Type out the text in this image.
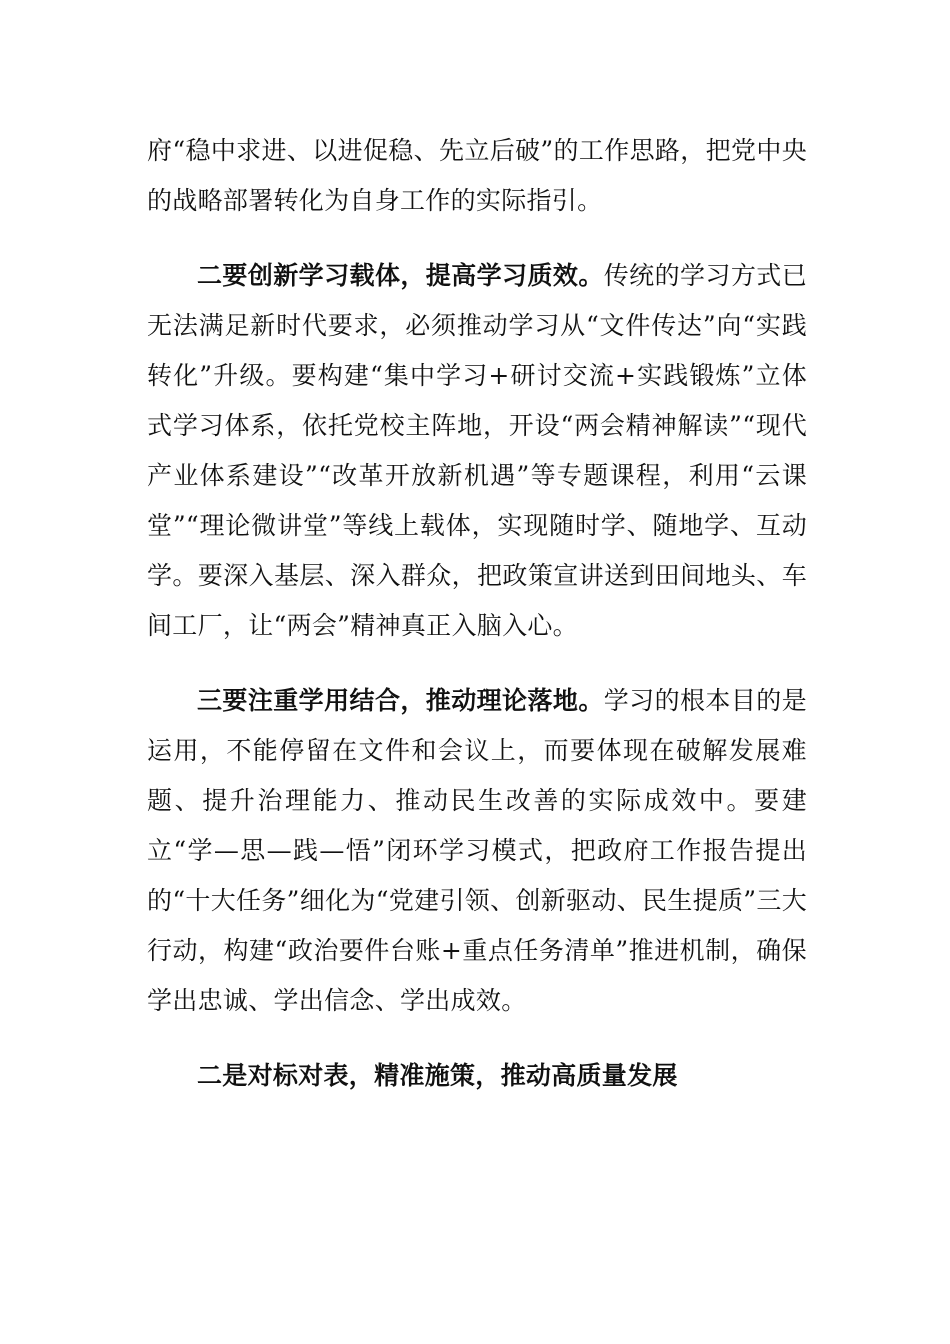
府“稳中求进、以进促稳、先立后破”的工作思路，把党中央的战略部署转化为自身工作的实际指引。

二要创新学习载体，提高学习质效。传统的学习方式已无法满足新时代要求，必须推动学习从“文件传达”向“实践转化”升级。要构建“集中学习+研讨交流+实践锻炼”立体式学习体系，依托党校主阵地，开设“两会精神解读”“现代产业体系建设”“改革开放新机遇”等专题课程，利用“云课堂”“理论微讲堂”等线上载体，实现随时学、随地学、互动学。要深入基层、深入群众，把政策宣讲送到田间地头、车间工厂，让“两会”精神真正入脑入心。

三要注重学用结合，推动理论落地。学习的根本目的是运用，不能停留在文件和会议上，而要体现在破解发展难题、提升治理能力、推动民生改善的实际成效中。要建立“学—思—践—悟”闭环学习模式，把政府工作报告提出的“十大任务”细化为“党建引领、创新驱动、民生提质”三大行动，构建“政治要件台账+重点任务清单”推进机制，确保学出忠诚、学出信念、学出成效。

二是对标对表，精准施策，推动高质量发展
